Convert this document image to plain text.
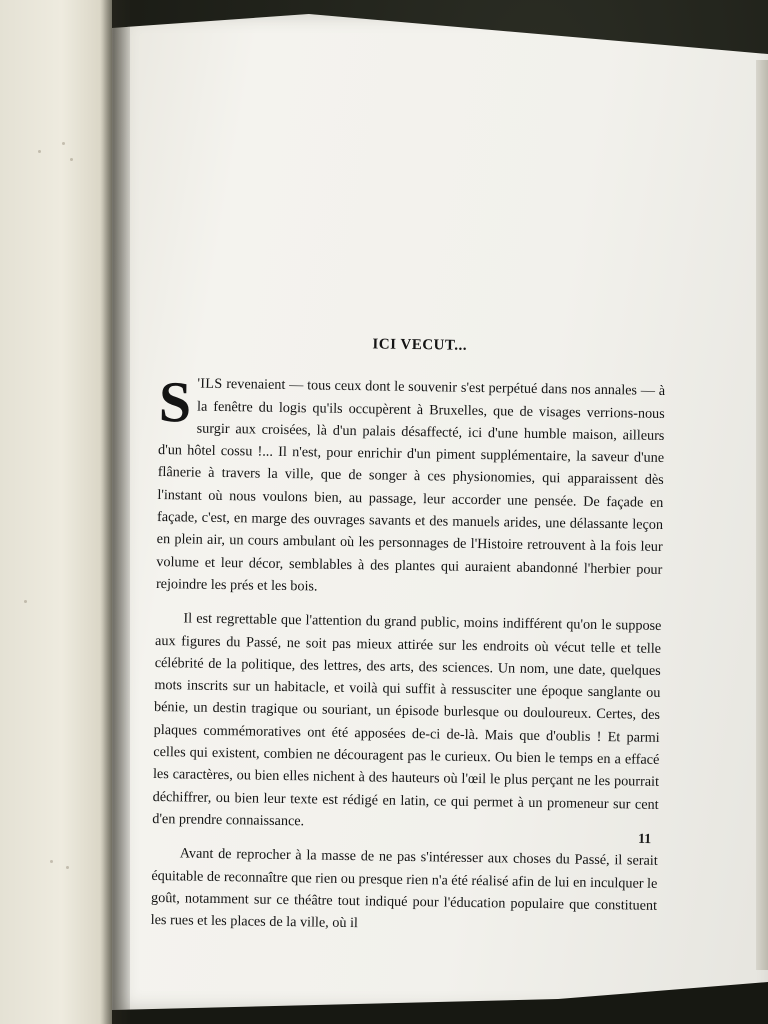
ICI VECUT...
S 'ILS revenaient — tous ceux dont le souvenir s'est perpétué dans nos annales — à la fenêtre du logis qu'ils occupèrent à Bruxelles, que de visages verrions-nous surgir aux croisées, là d'un palais désaffecté, ici d'une humble maison, ailleurs d'un hôtel cossu !... Il n'est, pour enrichir d'un piment supplémentaire, la saveur d'une flânerie à travers la ville, que de songer à ces physionomies, qui apparaissent dès l'instant où nous voulons bien, au passage, leur accorder une pensée. De façade en façade, c'est, en marge des ouvrages savants et des manuels arides, une délassante leçon en plein air, un cours ambulant où les personnages de l'Histoire retrouvent à la fois leur volume et leur décor, semblables à des plantes qui auraient abandonné l'herbier pour rejoindre les prés et les bois.
Il est regrettable que l'attention du grand public, moins indifférent qu'on le suppose aux figures du Passé, ne soit pas mieux attirée sur les endroits où vécut telle et telle célébrité de la politique, des lettres, des arts, des sciences. Un nom, une date, quelques mots inscrits sur un habitacle, et voilà qui suffit à ressusciter une époque sanglante ou bénie, un destin tragique ou souriant, un épisode burlesque ou douloureux. Certes, des plaques commémoratives ont été apposées de-ci de-là. Mais que d'oublis ! Et parmi celles qui existent, combien ne découragent pas le curieux. Ou bien le temps en a effacé les caractères, ou bien elles nichent à des hauteurs où l'œil le plus perçant ne les pourrait déchiffrer, ou bien leur texte est rédigé en latin, ce qui permet à un promeneur sur cent d'en prendre connaissance.
Avant de reprocher à la masse de ne pas s'intéresser aux choses du Passé, il serait équitable de reconnaître que rien ou presque rien n'a été réalisé afin de lui en inculquer le goût, notamment sur ce théâtre tout indiqué pour l'éducation populaire que constituent les rues et les places de la ville, où il
11
